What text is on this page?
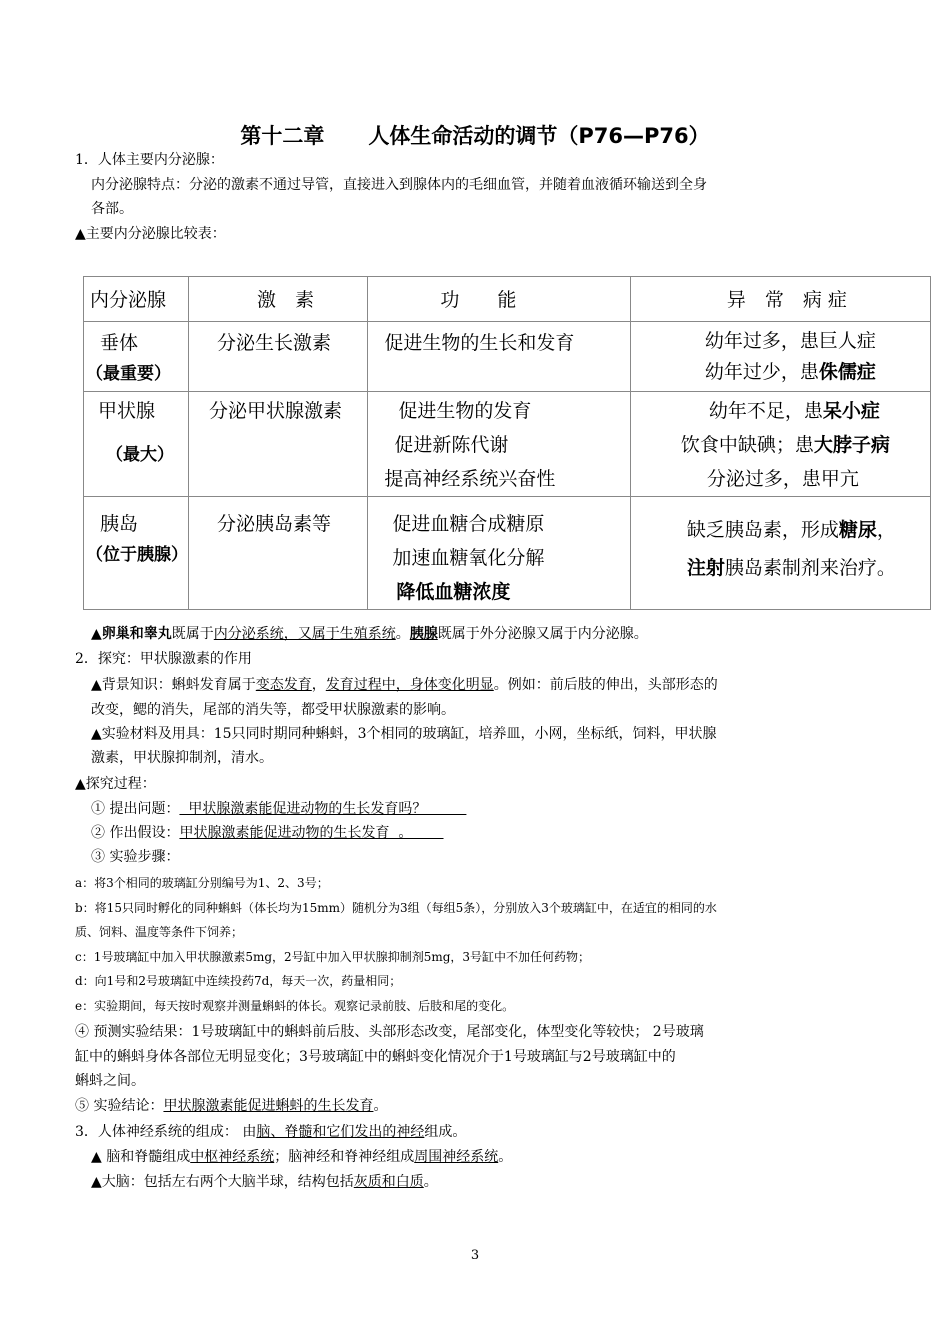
第十二章 人体生命活动的调节（P76—P76）
1．人体主要内分泌腺：
内分泌腺特点：分泌的激素不通过导管，直接进入到腺体内的毛细血管，并随着血液循环输送到全身
各部。
▲主要内分泌腺比较表：
内分泌腺	激　素	功　　能	异　常　病 症

垂体
（最重要）	分泌生长激素	促进生物的生长和发育	幼年过多，患巨人症
幼年过少，患侏儒症

甲状腺
（最大）	分泌甲状腺激素	促进生物的发育
促进新陈代谢
提高神经系统兴奋性	幼年不足，患呆小症
饮食中缺碘；患大脖子病
分泌过多，患甲亢

胰岛
（位于胰腺）	分泌胰岛素等	促进血糖合成糖原
加速血糖氧化分解
降低血糖浓度	缺乏胰岛素，形成糖尿，
注射胰岛素制剂来治疗。
▲卵巢和睾丸既属于内分泌系统，又属于生殖系统。胰腺既属于外分泌腺又属于内分泌腺。
2．探究：甲状腺激素的作用
▲背景知识：蝌蚪发育属于变态发育，发育过程中，身体变化明显。例如：前后肢的伸出，头部形态的
改变，鳃的消失，尾部的消失等，都受甲状腺激素的影响。
▲实验材料及用具：15只同时期同种蝌蚪，3个相同的玻璃缸，培养皿，小网，坐标纸，饲料，甲状腺
激素，甲状腺抑制剂，清水。
▲探究过程：
① 提出问题：  甲状腺激素能促进动物的生长发育吗？
② 作出假设：甲状腺激素能促进动物的生长发育  。
③ 实验步骤：
a：将3个相同的玻璃缸分别编号为1、2、3号；
b：将15只同时孵化的同种蝌蚪（体长均为15mm）随机分为3组（每组5条），分别放入3个玻璃缸中，在适宜的相同的水
质、饲料、温度等条件下饲养；
c：1号玻璃缸中加入甲状腺激素5mg，2号缸中加入甲状腺抑制剂5mg，3号缸中不加任何药物；
d：向1号和2号玻璃缸中连续投药7d，每天一次，药量相同；
e：实验期间，每天按时观察并测量蝌蚪的体长。观察记录前肢、后肢和尾的变化。
④ 预测实验结果：1号玻璃缸中的蝌蚪前后肢、头部形态改变，尾部变化，体型变化等较快； 2号玻璃
缸中的蝌蚪身体各部位无明显变化；3号玻璃缸中的蝌蚪变化情况介于1号玻璃缸与2号玻璃缸中的
蝌蚪之间。
⑤ 实验结论：甲状腺激素能促进蝌蚪的生长发育。
3．人体神经系统的组成： 由脑、脊髓和它们发出的神经组成。
▲ 脑和脊髓组成中枢神经系统；脑神经和脊神经组成周围神经系统。
▲大脑：包括左右两个大脑半球，结构包括灰质和白质。
3
